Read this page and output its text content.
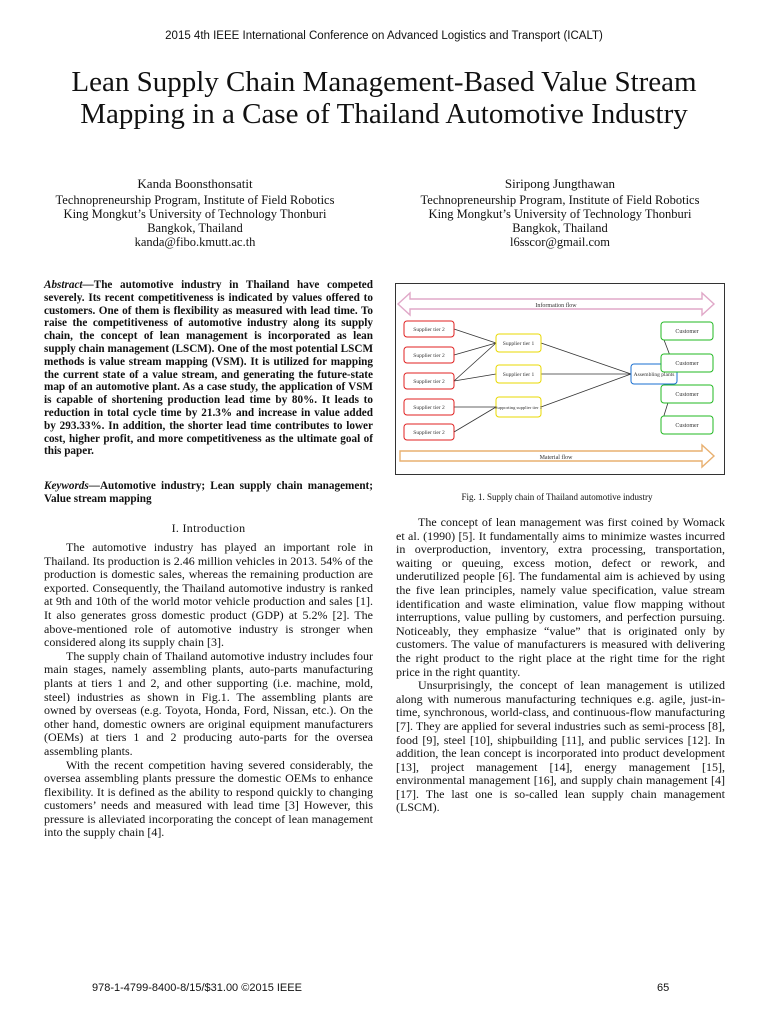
2015 4th IEEE International Conference on Advanced Logistics and Transport (ICALT)
Lean Supply Chain Management-Based Value Stream Mapping in a Case of Thailand Automotive Industry
Kanda Boonsthonsatit
Technopreneurship Program, Institute of Field Robotics
King Mongkut’s University of Technology Thonburi
Bangkok, Thailand
kanda@fibo.kmutt.ac.th
Siripong Jungthawan
Technopreneurship Program, Institute of Field Robotics
King Mongkut’s University of Technology Thonburi
Bangkok, Thailand
l6sscor@gmail.com
Abstract—The automotive industry in Thailand have competed severely. Its recent competitiveness is indicated by values offered to customers. One of them is flexibility as measured with lead time. To raise the competitiveness of automotive industry along its supply chain, the concept of lean management is incorporated as lean supply chain management (LSCM). One of the most potential LSCM methods is value stream mapping (VSM). It is utilized for mapping the current state of a value stream, and generating the future-state map of an automotive plant. As a case study, the application of VSM is capable of shortening production lead time by 80%. It leads to reduction in total cycle time by 21.3% and increase in value added by 293.33%. In addition, the shorter lead time contributes to lower cost, higher profit, and more competitiveness as the ultimate goal of this paper.
Keywords—Automotive industry; Lean supply chain management; Value stream mapping
I. Introduction

The automotive industry has played an important role in Thailand. Its production is 2.46 million vehicles in 2013. 54% of the production is domestic sales, whereas the remaining production are exported. Consequently, the Thailand automotive industry is ranked at 9th and 10th of the world motor vehicle production and sales [1]. It also generates gross domestic product (GDP) at 5.2% [2]. The above-mentioned role of automotive industry is stronger when considered along its supply chain [3].

The supply chain of Thailand automotive industry includes four main stages, namely assembling plants, auto-parts manufacturing plants at tiers 1 and 2, and other supporting (i.e. machine, mold, steel) industries as shown in Fig.1. The assembling plants are owned by overseas (e.g. Toyota, Honda, Ford, Nissan, etc.). On the other hand, domestic owners are original equipment manufacturers (OEMs) at tiers 1 and 2 producing auto-parts for the oversea assembling plants.

With the recent competition having severed considerably, the oversea assembling plants pressure the domestic OEMs to enhance flexibility. It is defined as the ability to respond quickly to changing customers’ needs and measured with lead time [3] However, this pressure is alleviated incorporating the concept of lean management into the supply chain [4].

Information flow
Supplier tier 2
Supplier tier 2
Supplier tier 2
Supplier tier 2
Supplier tier 2
Supplier tier 1
Supplier tier 1
Supporting supplier tier 1
Assembling plants
Customer
Customer
Customer
Customer
Material flow
Fig. 1. Supply chain of Thailand automotive industry

The concept of lean management was first coined by Womack et al. (1990) [5]. It fundamentally aims to minimize wastes incurred in overproduction, inventory, extra processing, transportation, waiting or queuing, excess motion, defect or rework, and underutilized people [6]. The fundamental aim is achieved by using the five lean principles, namely value specification, value stream identification and waste elimination, value flow mapping without interruptions, value pulling by customers, and perfection pursuing. Noticeably, they emphasize “value” that is originated only by customers. The value of manufacturers is measured with delivering the right product to the right place at the right time for the right price in the right quantity.

Unsurprisingly, the concept of lean management is utilized along with numerous manufacturing techniques e.g. agile, just-in-time, synchronous, world-class, and continuous-flow manufacturing [7]. They are applied for several industries such as semi-process [8], food [9], steel [10], shipbuilding [11], and public services [12]. In addition, the lean concept is incorporated into product development [13], project management [14], energy management [15], environmental management [16], and supply chain management [4][17]. The last one is so-called lean supply chain management (LSCM).

978-1-4799-8400-8/15/$31.00 ©2015 IEEE	65
